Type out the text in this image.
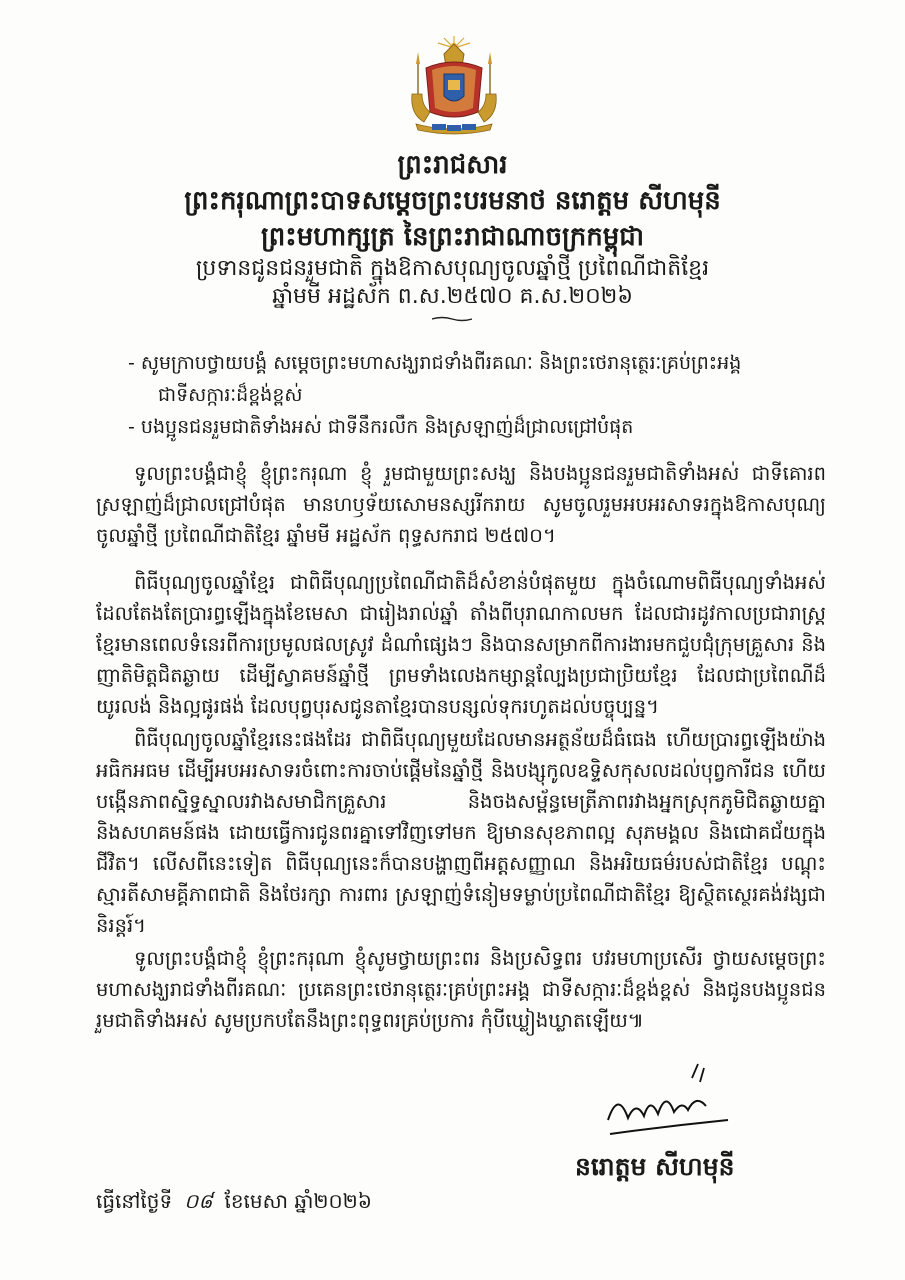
ព្រះរាជសារ
ព្រះករុណាព្រះបាទសម្តេចព្រះបរមនាថ នរោត្តម សីហមុនី
ព្រះមហាក្សត្រ នៃព្រះរាជាណាចក្រកម្ពុជា
ប្រទានជូនជនរួមជាតិ ក្នុងឱកាសបុណ្យចូលឆ្នាំថ្មី ប្រពៃណីជាតិខ្មែរ
ឆ្នាំមមី អដ្ឋស័ក ព.ស.២៥៧០ គ.ស.២០២៦

- សូមក្រាបថ្វាយបង្គំ សម្តេចព្រះមហាសង្ឃរាជទាំងពីរគណៈ និងព្រះថេរានុត្ថេរៈគ្រប់ព្រះអង្គ

ជាទីសក្ការៈដ៏ខ្ពង់ខ្ពស់

- បងប្អូនជនរួមជាតិទាំងអស់ ជាទីនឹករលឹក និងស្រឡាញ់ដ៏ជ្រាលជ្រៅបំផុត

ទូលព្រះបង្គំជាខ្ញុំ ខ្ញុំព្រះករុណា ខ្ញុំ រួមជាមួយព្រះសង្ឃ និងបងប្អូនជនរួមជាតិទាំងអស់ ជាទីគោរពស្រឡាញ់ដ៏ជ្រាលជ្រៅបំផុត មានហឫទ័យសោមនស្សរីករាយ សូមចូលរួមអបអរសាទរក្នុងឱកាសបុណ្យចូលឆ្នាំថ្មី ប្រពៃណីជាតិខ្មែរ ឆ្នាំមមី អដ្ឋស័ក ពុទ្ធសករាជ ២៥៧០។

ពិធីបុណ្យចូលឆ្នាំខ្មែរ ជាពិធីបុណ្យប្រពៃណីជាតិដ៏សំខាន់បំផុតមួយ ក្នុងចំណោមពិធីបុណ្យទាំងអស់ ដែលតែងតែប្រារព្ធឡើងក្នុងខែមេសា ជារៀងរាល់ឆ្នាំ តាំងពីបុរាណកាលមក ដែលជារដូវកាលប្រជារាស្ត្រខ្មែរមានពេលទំនេរពីការប្រមូលផលស្រូវ ដំណាំផ្សេងៗ និងបានសម្រាកពីការងារមកជួបជុំក្រុមគ្រួសារ និងញាតិមិត្តជិតឆ្ងាយ ដើម្បីស្វាគមន៍ឆ្នាំថ្មី ព្រមទាំងលេងកម្សាន្តល្បែងប្រជាប្រិយខ្មែរ ដែលជាប្រពៃណីដ៏យូរលង់ និងល្អផូរផង់ ដែលបុព្វបុរសជូនតាខ្មែរបានបន្សល់ទុករហូតដល់បច្ចុប្បន្ន។

ពិធីបុណ្យចូលឆ្នាំខ្មែរនេះផងដែរ ជាពិធីបុណ្យមួយដែលមានអត្ថន័យដ៏ធំធេង ហើយប្រារព្ធឡើងយ៉ាងអធិកអធម ដើម្បីអបអរសាទរចំពោះការចាប់ផ្តើមនៃឆ្នាំថ្មី និងបង្សុកូលឧទ្ទិសកុសលដល់បុព្វការីជន ហើយបង្កើនភាពស្និទ្ធស្នាលរវាងសមាជិកគ្រួសារ និងចងសម្ព័ន្ធមេត្រីភាពរវាងអ្នកស្រុកភូមិជិតឆ្ងាយគ្នា និងសហគមន៍ផង ដោយធ្វើការជូនពរគ្នាទៅវិញទៅមក ឱ្យមានសុខភាពល្អ សុភមង្គល និងជោគជ័យក្នុងជីវិត។ លើសពីនេះទៀត ពិធីបុណ្យនេះក៏បានបង្ហាញពីអត្តសញ្ញាណ និងអរិយធម៌របស់ជាតិខ្មែរ បណ្តុះស្មារតីសាមគ្គីភាពជាតិ និងថែរក្សា ការពារ ស្រឡាញ់ទំនៀមទម្លាប់ប្រពៃណីជាតិខ្មែរ ឱ្យស្ថិតស្ថេរគង់វង្សជានិរន្តរ៍។

ទូលព្រះបង្គំជាខ្ញុំ ខ្ញុំព្រះករុណា ខ្ញុំសូមថ្វាយព្រះពរ និងប្រសិទ្ធពរ បវរមហាប្រសើរ ថ្វាយសម្តេចព្រះមហាសង្ឃរាជទាំងពីរគណៈ ប្រគេនព្រះថេរានុត្ថេរៈគ្រប់ព្រះអង្គ ជាទីសក្ការៈដ៏ខ្ពង់ខ្ពស់ និងជូនបងប្អូនជនរួមជាតិទាំងអស់ សូមប្រកបតែនឹងព្រះពុទ្ធពរគ្រប់ប្រការ កុំបីឃ្លៀងឃ្លាតឡើយ៕

នរោត្តម សីហមុនី
ធ្វើនៅថ្ងៃទី ០៨ ខែមេសា ឆ្នាំ២០២៦
